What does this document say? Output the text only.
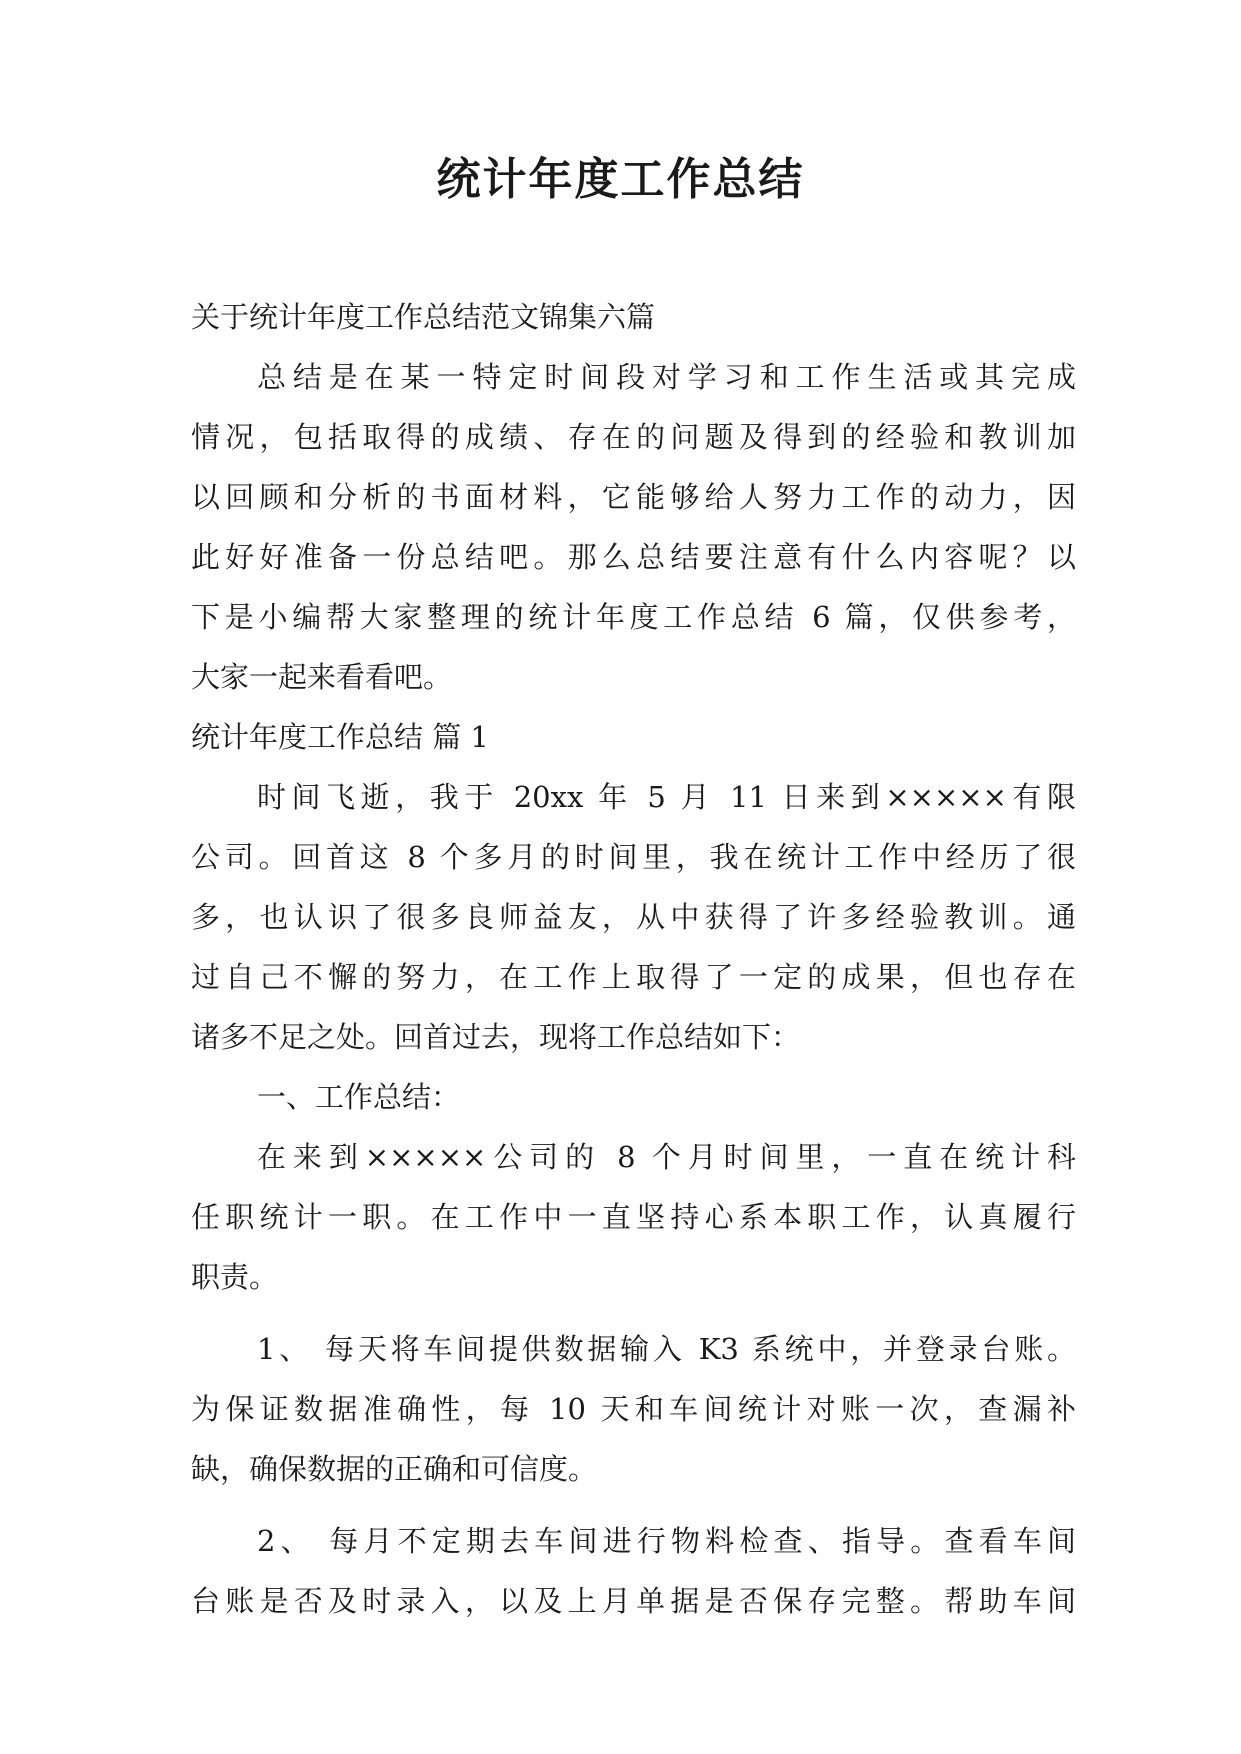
统计年度工作总结

关于统计年度工作总结范文锦集六篇

总结是在某一特定时间段对学习和工作生活或其完成

情况，包括取得的成绩、存在的问题及得到的经验和教训加

以回顾和分析的书面材料，它能够给人努力工作的动力，因

此好好准备一份总结吧。那么总结要注意有什么内容呢？以

下是小编帮大家整理的统计年度工作总结 6 篇，仅供参考，

大家一起来看看吧。

统计年度工作总结 篇 1

时间飞逝，我于 20xx 年 5 月 11 日来到×××××有限

公司。回首这 8 个多月的时间里，我在统计工作中经历了很

多，也认识了很多良师益友，从中获得了许多经验教训。通

过自己不懈的努力，在工作上取得了一定的成果，但也存在

诸多不足之处。回首过去，现将工作总结如下：

一、工作总结：

在来到×××××公司的 8 个月时间里，一直在统计科

任职统计一职。在工作中一直坚持心系本职工作，认真履行

职责。

1、 每天将车间提供数据输入 K3 系统中，并登录台账。

为保证数据准确性，每 10 天和车间统计对账一次，查漏补

缺，确保数据的正确和可信度。

2、 每月不定期去车间进行物料检查、指导。查看车间

台账是否及时录入，以及上月单据是否保存完整。帮助车间
